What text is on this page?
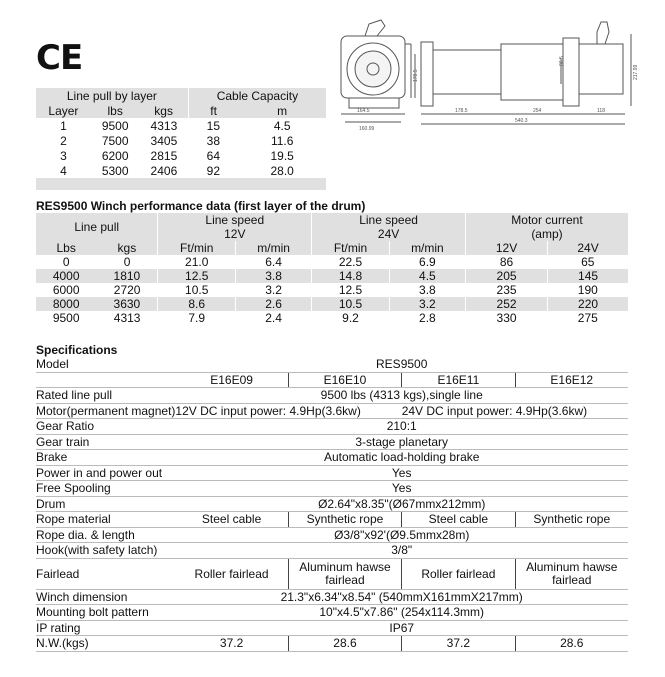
CE
164.5
160.99
178.5	254	118
540.3
86.5
178.5	217.99
Line pull by layer			Cable Capacity	
Layer	lbs	kgs	ft	m
1	9500	4313	15	4.5
2	7500	3405	38	11.6
3	6200	2815	64	19.5
4	5300	2406	92	28.0

RES9500 Winch performance data (first layer of the drum)
Line pull		Line speed		Line speed		Motor current	
		12V		24V		(amp)	
Lbs	kgs	Ft/min	m/min	Ft/min	m/min	12V	24V
0	0	21.0	6.4	22.5	6.9	86	65
4000	1810	12.5	3.8	14.8	4.5	205	145
6000	2720	10.5	3.2	12.5	3.8	235	190
8000	3630	8.6	2.6	10.5	3.2	252	220
9500	4313	7.9	2.4	9.2	2.8	330	275
Specifications
Model	RES9500			
	E16E09	E16E10	E16E11	E16E12
Rated line pull	9500 lbs (4313 kgs),single line			
Motor(permanent magnet)	12V DC input power: 4.9Hp(3.6kw)		24V DC input power: 4.9Hp(3.6kw)	
Gear Ratio	210:1			
Gear train	3-stage planetary			
Brake	Automatic load-holding brake			
Power in and power out	Yes			
Free Spooling	Yes			
Drum	Ø2.64"x8.35"(Ø67mmx212mm)			
Rope material	Steel cable	Synthetic rope	Steel cable	Synthetic rope
Rope dia. & length	Ø3/8"x92'(Ø9.5mmx28m)			
Hook(with safety latch)	3/8"			
Fairlead	Roller fairlead	Aluminum hawse fairlead	Roller fairlead	Aluminum hawse fairlead
Winch dimension	21.3"x6.34"x8.54" (540mmX161mmX217mm)			
Mounting bolt pattern	10"x4.5"x7.86" (254x114.3mm)			
IP rating	IP67			
N.W.(kgs)	37.2	28.6	37.2	28.6
